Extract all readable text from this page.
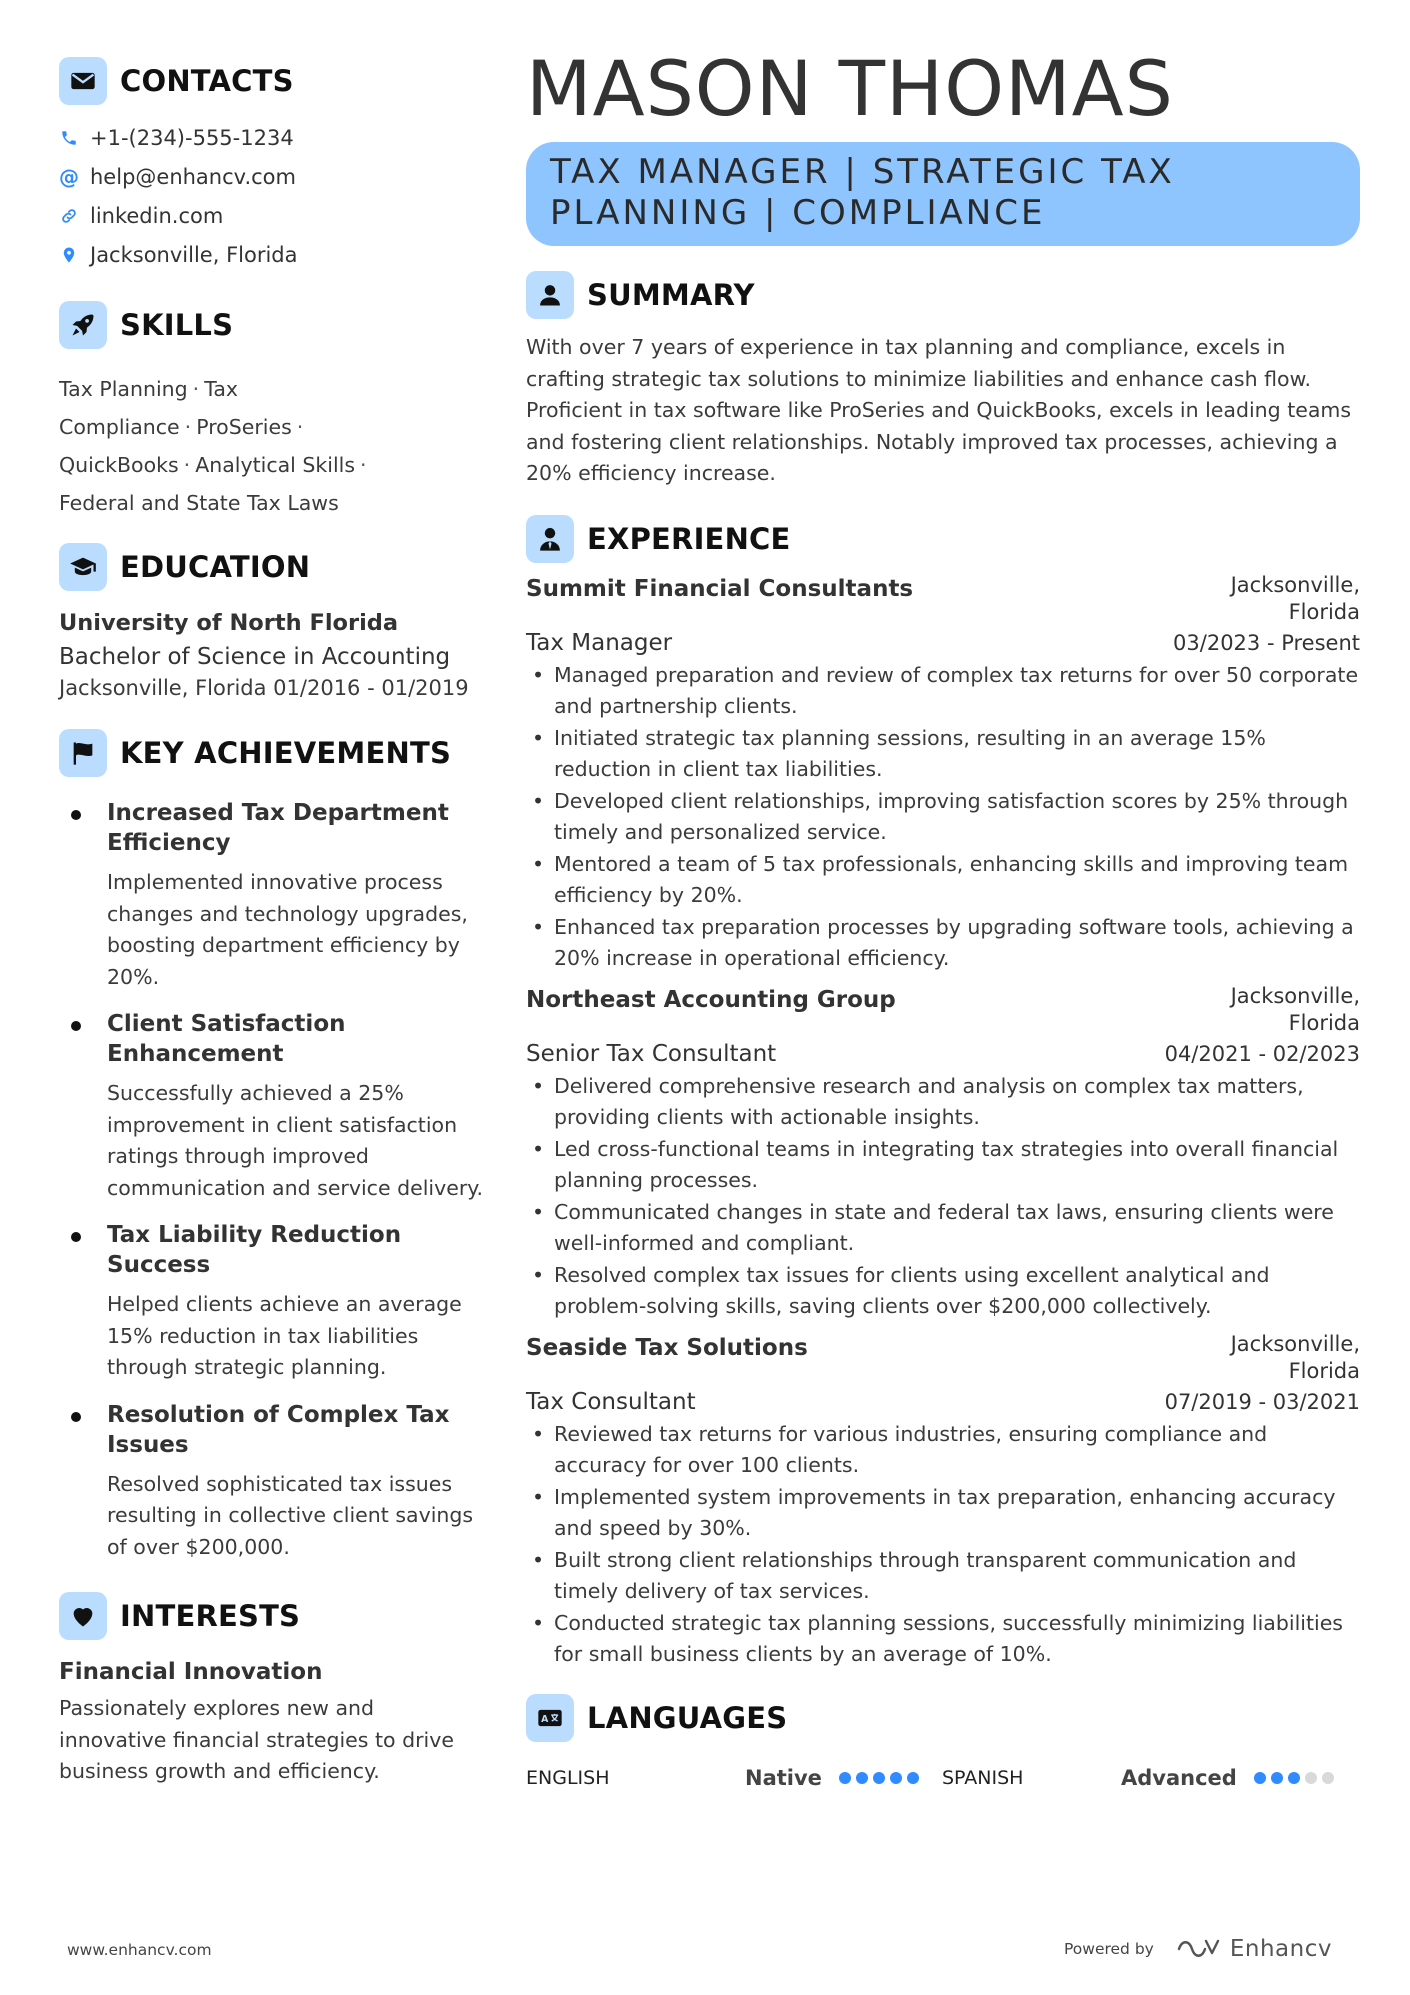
CONTACTS
+1-(234)-555-1234
@ help@enhancv.com
linkedin.com
Jacksonville, Florida
SKILLS
Tax Planning · Tax Compliance · ProSeries ·
QuickBooks · Analytical Skills ·
Federal and State Tax Laws
EDUCATION
University of North Florida
Bachelor of Science in Accounting
Jacksonville, Florida 01/2016 - 01/2019
KEY ACHIEVEMENTS
Increased Tax Department Efficiency
Implemented innovative process changes and technology upgrades, boosting department efficiency by 20%.
Client Satisfaction Enhancement
Successfully achieved a 25% improvement in client satisfaction ratings through improved communication and service delivery.
Tax Liability Reduction Success
Helped clients achieve an average 15% reduction in tax liabilities through strategic planning.
Resolution of Complex Tax Issues
Resolved sophisticated tax issues resulting in collective client savings of over $200,000.
INTERESTS
Financial Innovation
Passionately explores new and innovative financial strategies to drive business growth and efficiency.
MASON THOMAS
TAX MANAGER | STRATEGIC TAX
PLANNING | COMPLIANCE
SUMMARY
With over 7 years of experience in tax planning and compliance, excels in crafting strategic tax solutions to minimize liabilities and enhance cash flow. Proficient in tax software like ProSeries and QuickBooks, excels in leading teams and fostering client relationships. Notably improved tax processes, achieving a 20% efficiency increase.
EXPERIENCE
Summit Financial Consultants	Jacksonville,
Florida
Tax Manager	03/2023 - Present
• Managed preparation and review of complex tax returns for over 50 corporate and partnership clients.
• Initiated strategic tax planning sessions, resulting in an average 15% reduction in client tax liabilities.
• Developed client relationships, improving satisfaction scores by 25% through timely and personalized service.
• Mentored a team of 5 tax professionals, enhancing skills and improving team efficiency by 20%.
• Enhanced tax preparation processes by upgrading software tools, achieving a 20% increase in operational efficiency.
Northeast Accounting Group	Jacksonville,
Florida
Senior Tax Consultant	04/2021 - 02/2023
• Delivered comprehensive research and analysis on complex tax matters, providing clients with actionable insights.
• Led cross-functional teams in integrating tax strategies into overall financial planning processes.
• Communicated changes in state and federal tax laws, ensuring clients were well-informed and compliant.
• Resolved complex tax issues for clients using excellent analytical and problem-solving skills, saving clients over $200,000 collectively.
Seaside Tax Solutions	Jacksonville,
Florida
Tax Consultant	07/2019 - 03/2021
• Reviewed tax returns for various industries, ensuring compliance and accuracy for over 100 clients.
• Implemented system improvements in tax preparation, enhancing accuracy and speed by 30%.
• Built strong client relationships through transparent communication and timely delivery of tax services.
• Conducted strategic tax planning sessions, successfully minimizing liabilities for small business clients by an average of 10%.
A LANGUAGES
ENGLISH	Native	SPANISH	Advanced
www.enhancv.com	Powered by	Enhancv
